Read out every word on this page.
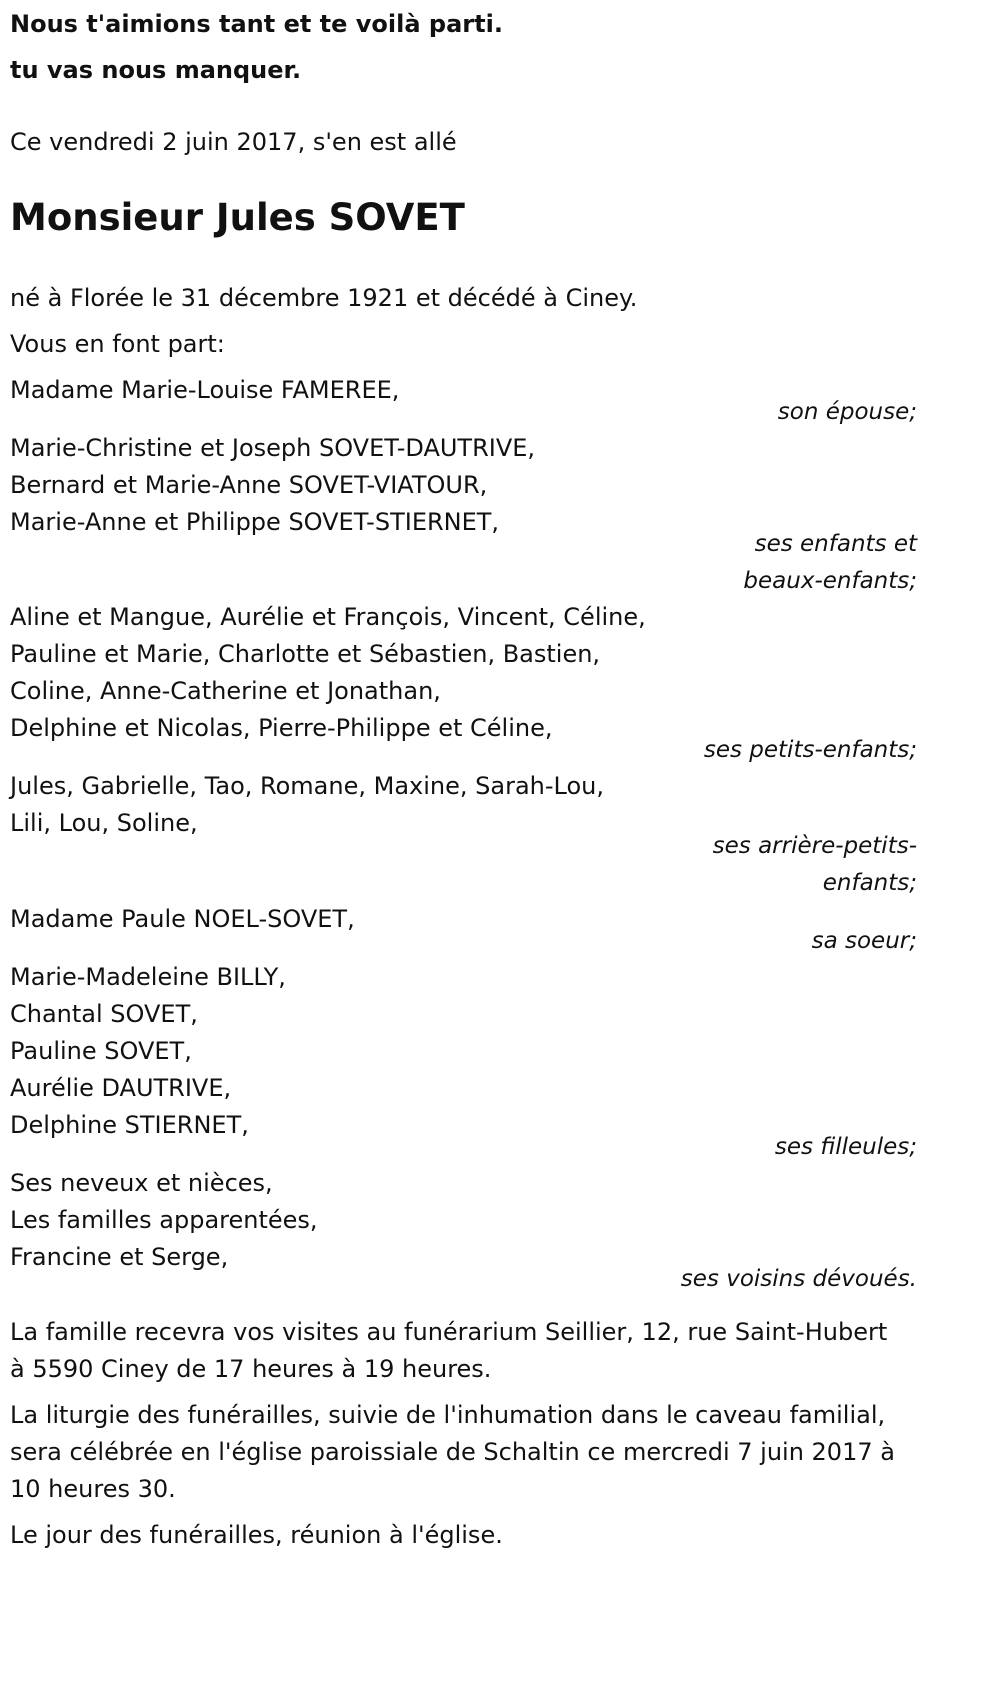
Nous t'aimions tant et te voilà parti.
tu vas nous manquer.
Ce vendredi 2 juin 2017, s'en est allé
Monsieur Jules SOVET
né à Florée le 31 décembre 1921 et décédé à Ciney.
Vous en font part:
Madame Marie-Louise FAMEREE,
son épouse;
Marie-Christine et Joseph SOVET-DAUTRIVE,
Bernard et Marie-Anne SOVET-VIATOUR,
Marie-Anne et Philippe SOVET-STIERNET,
ses enfants et
beaux-enfants;
Aline et Mangue, Aurélie et François, Vincent, Céline,
Pauline et Marie, Charlotte et Sébastien, Bastien,
Coline, Anne-Catherine et Jonathan,
Delphine et Nicolas, Pierre-Philippe et Céline,
ses petits-enfants;
Jules, Gabrielle, Tao, Romane, Maxine, Sarah-Lou,
Lili, Lou, Soline,
ses arrière-petits-
enfants;
Madame Paule NOEL-SOVET,
sa soeur;
Marie-Madeleine BILLY,
Chantal SOVET,
Pauline SOVET,
Aurélie DAUTRIVE,
Delphine STIERNET,
ses filleules;
Ses neveux et nièces,
Les familles apparentées,
Francine et Serge,
ses voisins dévoués.
La famille recevra vos visites au funérarium Seillier, 12, rue Saint-Hubert
à 5590 Ciney de 17 heures à 19 heures.
La liturgie des funérailles, suivie de l'inhumation dans le caveau familial,
sera célébrée en l'église paroissiale de Schaltin ce mercredi 7 juin 2017 à
10 heures 30.
Le jour des funérailles, réunion à l'église.
